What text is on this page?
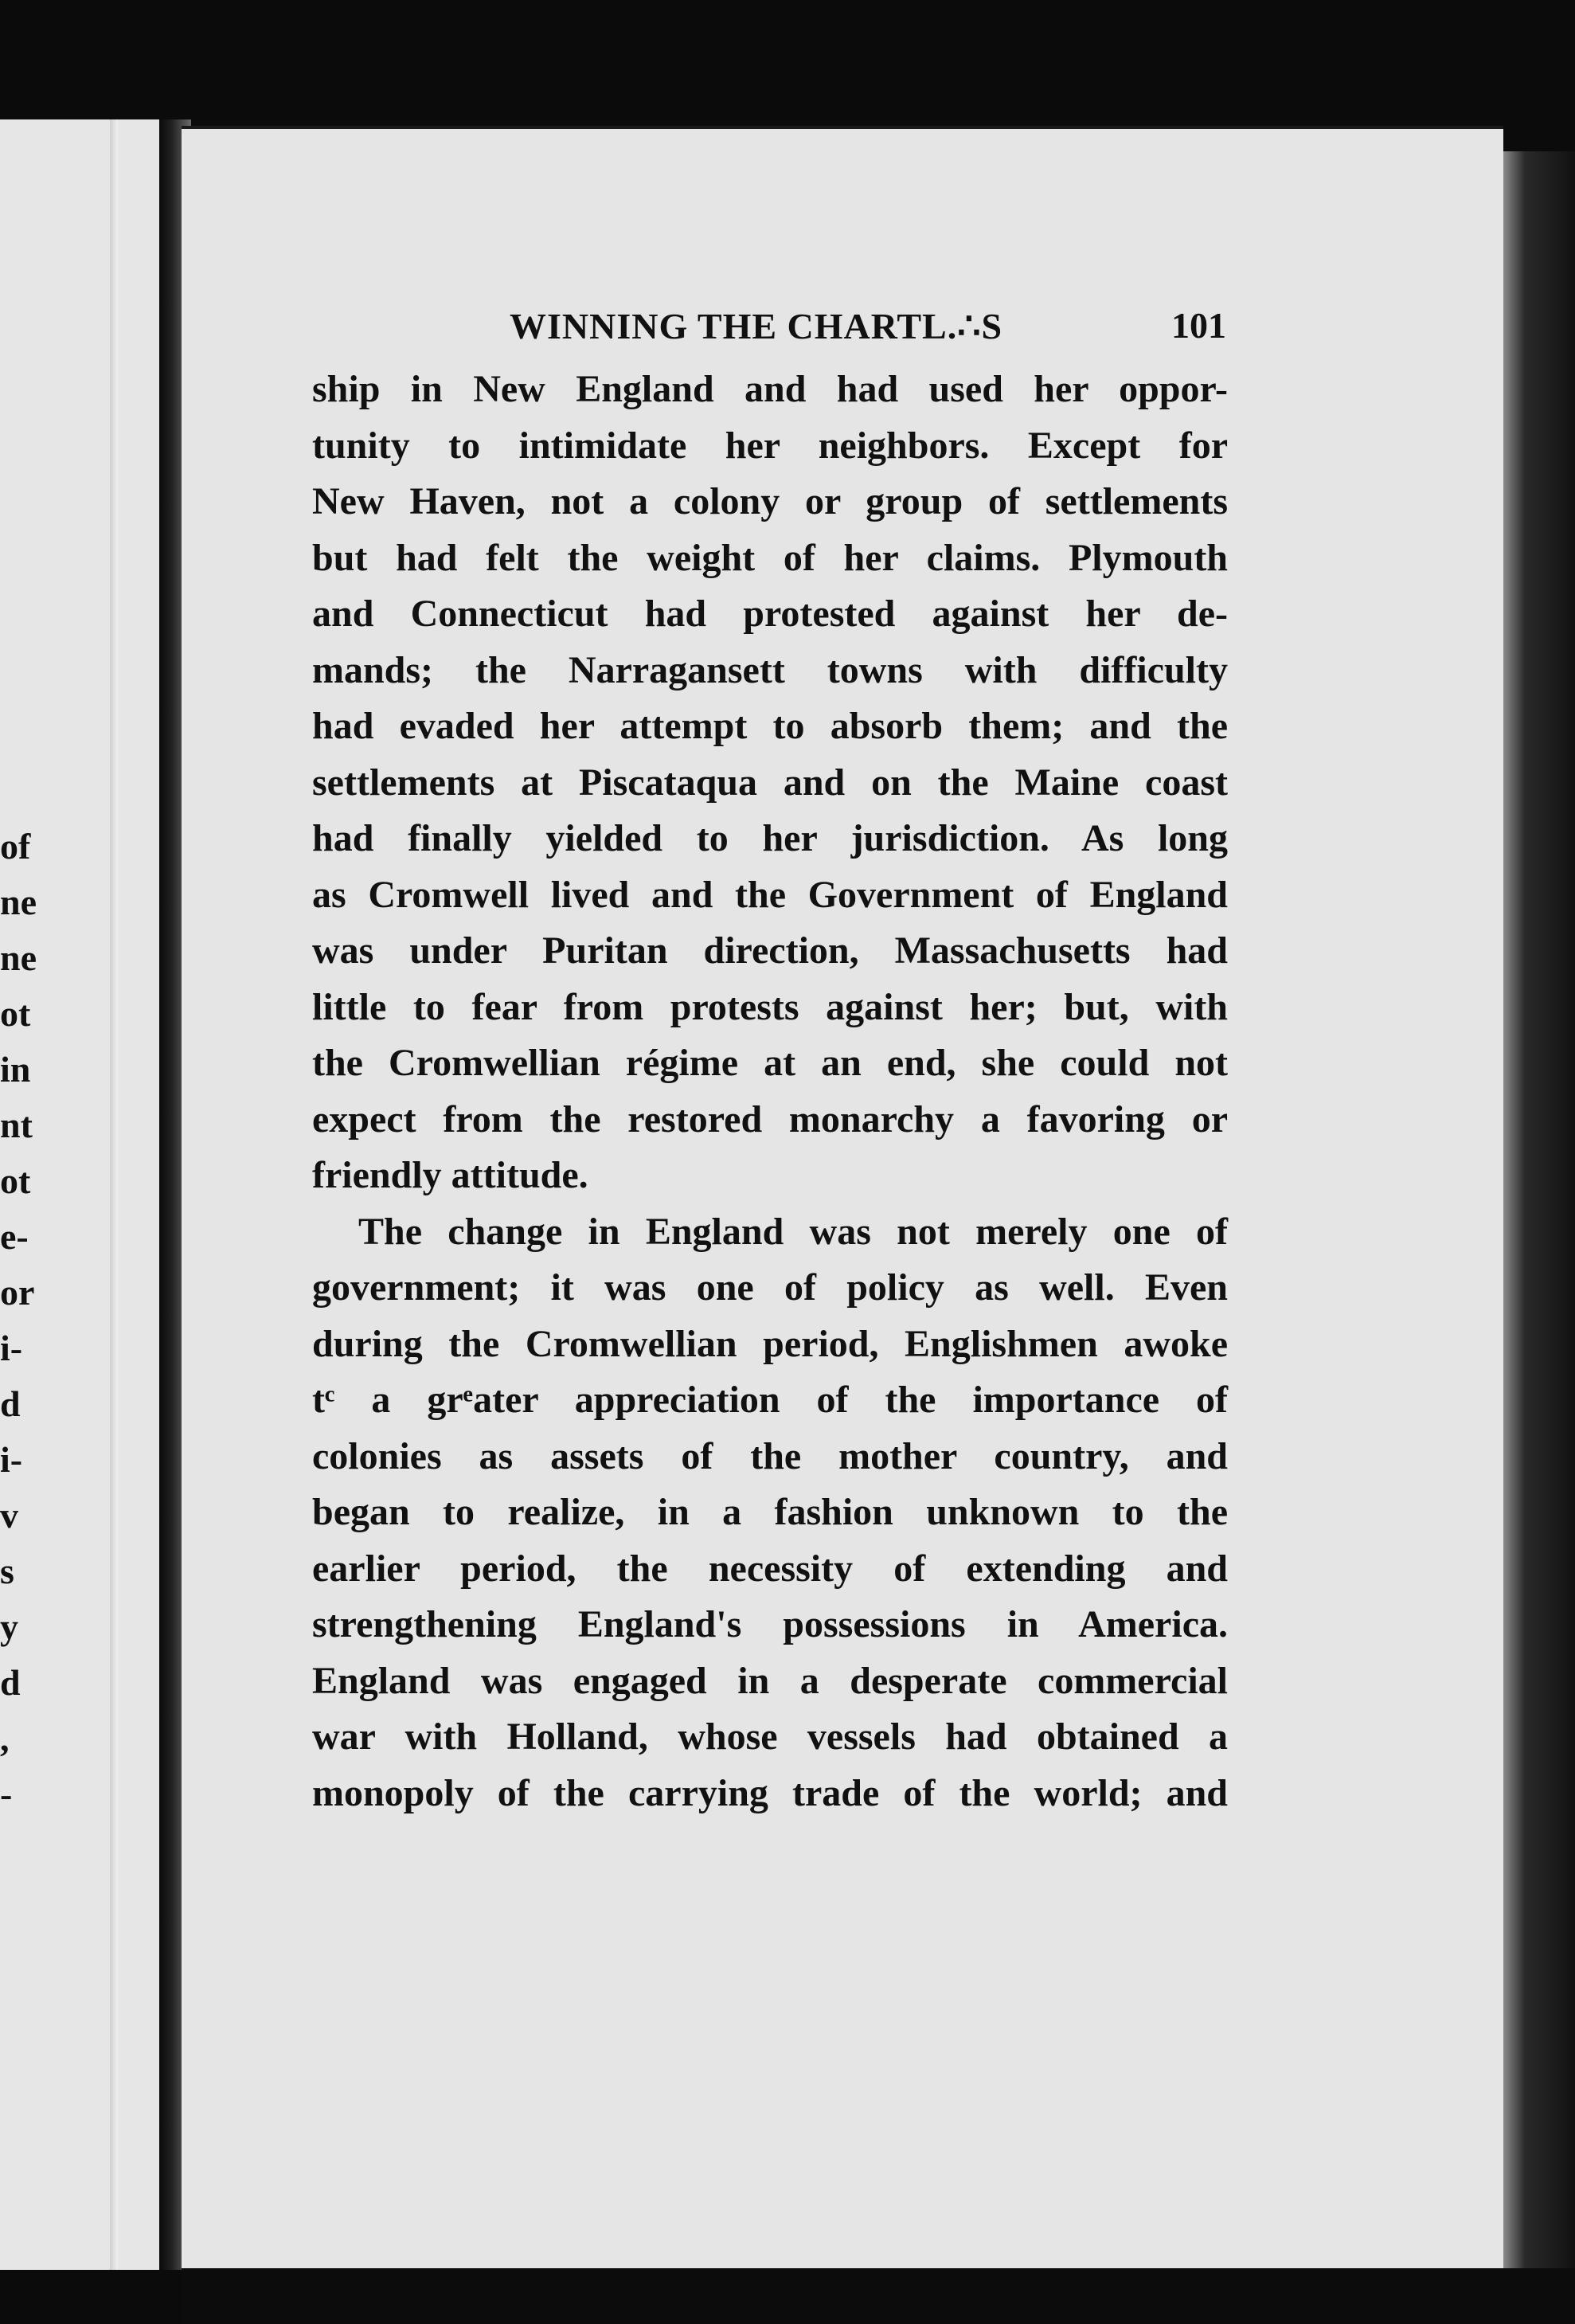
of
ne
ne
ot
in
nt
ot
e-
or
i-
d
i-
v
s
y
d
,
-
WINNING THE CHARTL.∴S	101
ship in New England and had used her oppor-
tunity to intimidate her neighbors. Except for
New Haven, not a colony or group of settlements
but had felt the weight of her claims. Plymouth
and Connecticut had protested against her de-
mands; the Narragansett towns with difficulty
had evaded her attempt to absorb them; and the
settlements at Piscataqua and on the Maine coast
had finally yielded to her jurisdiction. As long
as Cromwell lived and the Government of England
was under Puritan direction, Massachusetts had
little to fear from protests against her; but, with
the Cromwellian régime at an end, she could not
expect from the restored monarchy a favoring or
friendly attitude.
The change in England was not merely one of
government; it was one of policy as well. Even
during the Cromwellian period, Englishmen awoke
tᶜ a grᵉater appreciation of the importance of
colonies as assets of the mother country, and
began to realize, in a fashion unknown to the
earlier period, the necessity of extending and
strengthening England's possessions in America.
England was engaged in a desperate commercial
war with Holland, whose vessels had obtained a
monopoly of the carrying trade of the world; and
